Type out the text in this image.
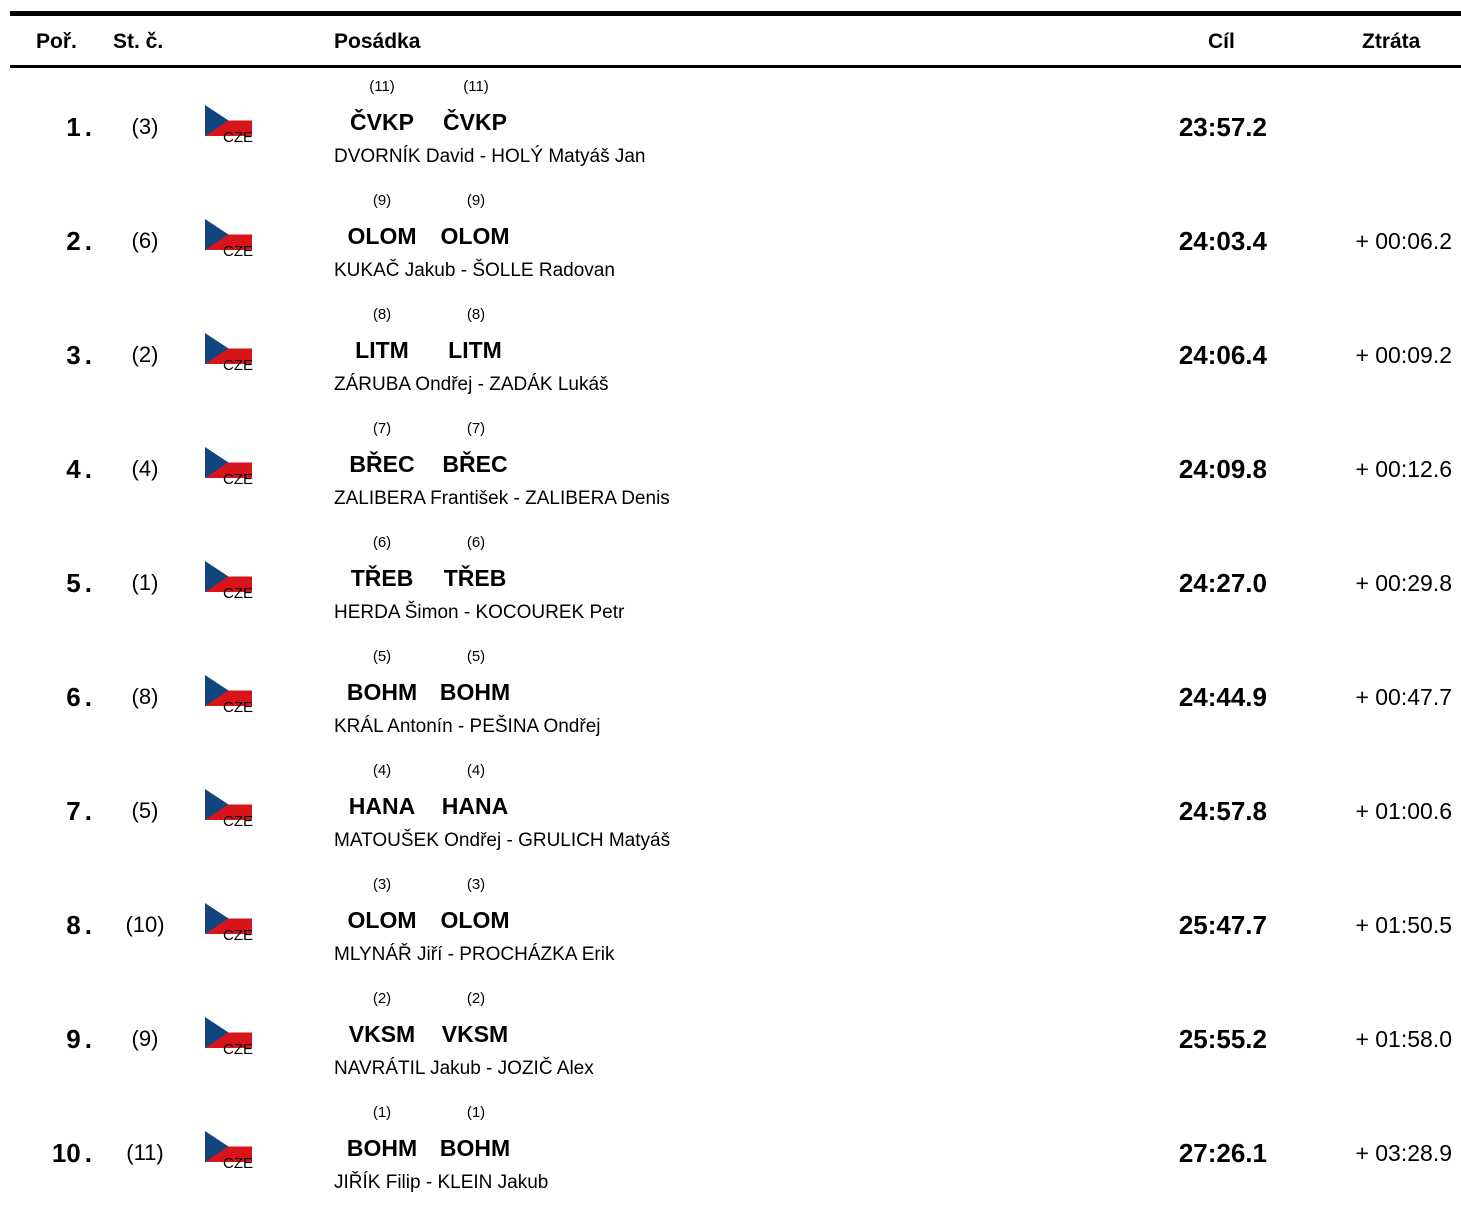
Poř. St. č.	Posádka	Cíl	Ztráta
1 .	(3)	CZE
(11)	(11)
ČVKP	ČVKP
DVORNÍK David - HOLÝ Matyáš Jan
23:57.2
2 .	(6)	CZE
(9)	(9)
OLOM	OLOM
KUKAČ Jakub - ŠOLLE Radovan
24:03.4	+ 00:06.2
3 .	(2)	CZE
(8)	(8)
LITM	LITM
ZÁRUBA Ondřej - ZADÁK Lukáš
24:06.4	+ 00:09.2
4 .	(4)	CZE
(7)	(7)
BŘEC	BŘEC
ZALIBERA František - ZALIBERA Denis
24:09.8	+ 00:12.6
5 .	(1)	CZE
(6)	(6)
TŘEB	TŘEB
HERDA Šimon - KOCOUREK Petr
24:27.0	+ 00:29.8
6 .	(8)	CZE
(5)	(5)
BOHM BOHM
KRÁL Antonín - PEŠINA Ondřej
24:44.9	+ 00:47.7
7 .	(5)	CZE
(4)	(4)
HANA	HANA
MATOUŠEK Ondřej - GRULICH Matyáš
24:57.8	+ 01:00.6
8 .	(10)	CZE
(3)	(3)
OLOM	OLOM
MLYNÁŘ Jiří - PROCHÁZKA Erik
25:47.7	+ 01:50.5
9 .	(9)	CZE
(2)	(2)
VKSM	VKSM
NAVRÁTIL Jakub - JOZIČ Alex
25:55.2	+ 01:58.0
10 .	(11)	CZE
(1)	(1)
BOHM BOHM
JIŘÍK Filip - KLEIN Jakub
27:26.1	+ 03:28.9
